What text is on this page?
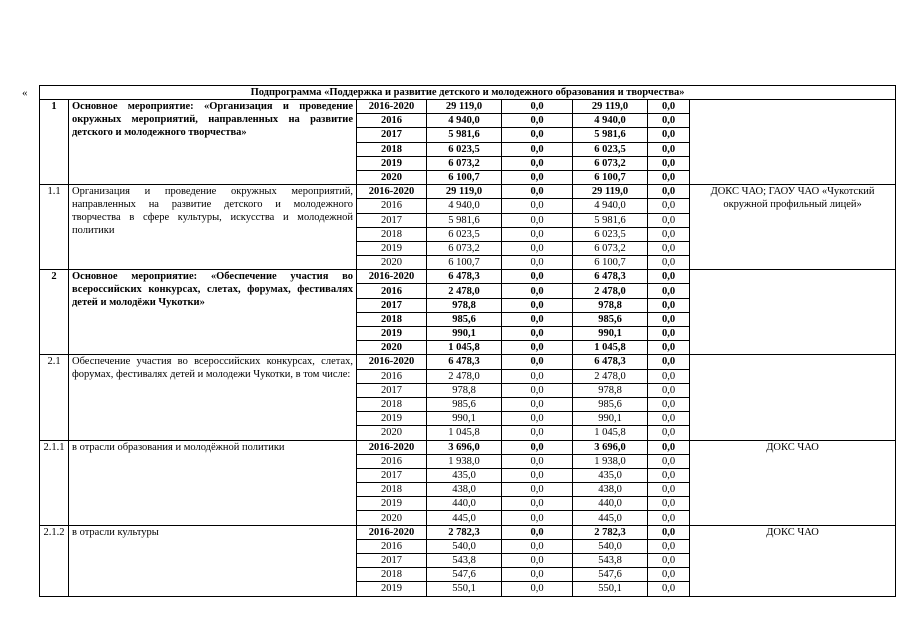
«	Подпрограмма «Поддержка и развитие детского и молодежного образования и творчества»							
1	Основное мероприятие: «Организация и проведение окружных мероприятий, направленных на развитие детского и молодежного творчества»	2016-2020	29 119,0	0,0	29 119,0	0,0	
		2016	4 940,0	0,0	4 940,0	0,0	
		2017	5 981,6	0,0	5 981,6	0,0	
		2018	6 023,5	0,0	6 023,5	0,0	
		2019	6 073,2	0,0	6 073,2	0,0	
		2020	6 100,7	0,0	6 100,7	0,0	
1.1	Организация и проведение окружных мероприятий, направленных на развитие детского и молодежного творчества в сфере культуры, искусства и молодежной политики	2016-2020	29 119,0	0,0	29 119,0	0,0	ДОКС ЧАО; ГАОУ ЧАО «Чукотский окружной профильный лицей»
		2016	4 940,0	0,0	4 940,0	0,0	
		2017	5 981,6	0,0	5 981,6	0,0	
		2018	6 023,5	0,0	6 023,5	0,0	
		2019	6 073,2	0,0	6 073,2	0,0	
		2020	6 100,7	0,0	6 100,7	0,0	
2	Основное мероприятие: «Обеспечение участия во всероссийских конкурсах, слетах, форумах, фестивалях детей и молодёжи Чукотки»	2016-2020	6 478,3	0,0	6 478,3	0,0	
		2016	2 478,0	0,0	2 478,0	0,0	
		2017	978,8	0,0	978,8	0,0	
		2018	985,6	0,0	985,6	0,0	
		2019	990,1	0,0	990,1	0,0	
		2020	1 045,8	0,0	1 045,8	0,0	
2.1	Обеспечение участия во всероссийских конкурсах, слетах, форумах, фестивалях детей и молодежи Чукотки, в том числе:	2016-2020	6 478,3	0,0	6 478,3	0,0	
		2016	2 478,0	0,0	2 478,0	0,0	
		2017	978,8	0,0	978,8	0,0	
		2018	985,6	0,0	985,6	0,0	
		2019	990,1	0,0	990,1	0,0	
		2020	1 045,8	0,0	1 045,8	0,0	
2.1.1	в отрасли образования и молодёжной политики	2016-2020	3 696,0	0,0	3 696,0	0,0	ДОКС ЧАО
		2016	1 938,0	0,0	1 938,0	0,0	
		2017	435,0	0,0	435,0	0,0	
		2018	438,0	0,0	438,0	0,0	
		2019	440,0	0,0	440,0	0,0	
		2020	445,0	0,0	445,0	0,0	
2.1.2	в отрасли культуры	2016-2020	2 782,3	0,0	2 782,3	0,0	ДОКС ЧАО
		2016	540,0	0,0	540,0	0,0	
		2017	543,8	0,0	543,8	0,0	
		2018	547,6	0,0	547,6	0,0	
		2019	550,1	0,0	550,1	0,0	
